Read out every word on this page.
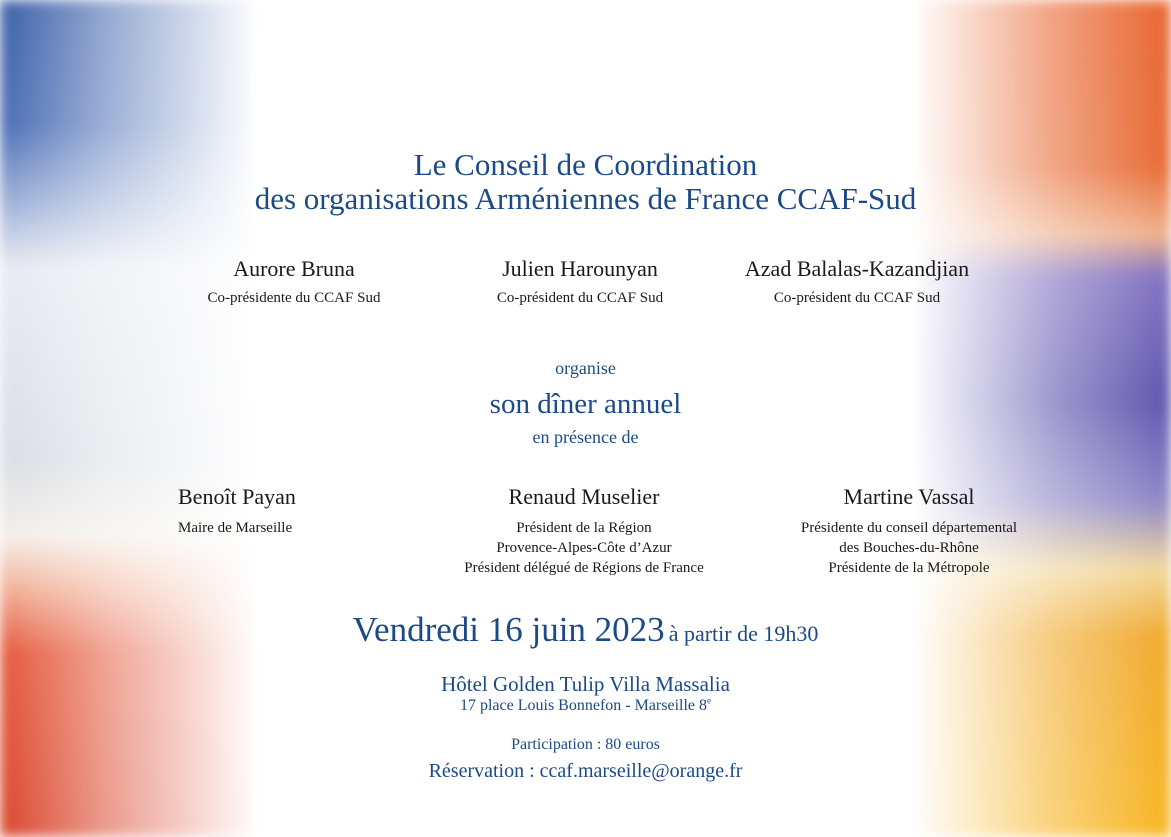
Le Conseil de Coordination
des organisations Arméniennes de France CCAF-Sud
Aurore Bruna
Co-présidente du CCAF Sud
Julien Harounyan
Co-président du CCAF Sud
Azad Balalas-Kazandjian
Co-président du CCAF Sud
organise
son dîner annuel
en présence de
Benoît Payan
Maire de Marseille
Renaud Muselier
Président de la Région
Provence-Alpes-Côte d’Azur
Président délégué de Régions de France
Martine Vassal
Présidente du conseil départemental
des Bouches-du-Rhône
Présidente de la Métropole
Vendredi 16 juin 2023 à partir de 19h30
Hôtel Golden Tulip Villa Massalia
17 place Louis Bonnefon - Marseille 8e
Participation : 80 euros
Réservation : ccaf.marseille@orange.fr
